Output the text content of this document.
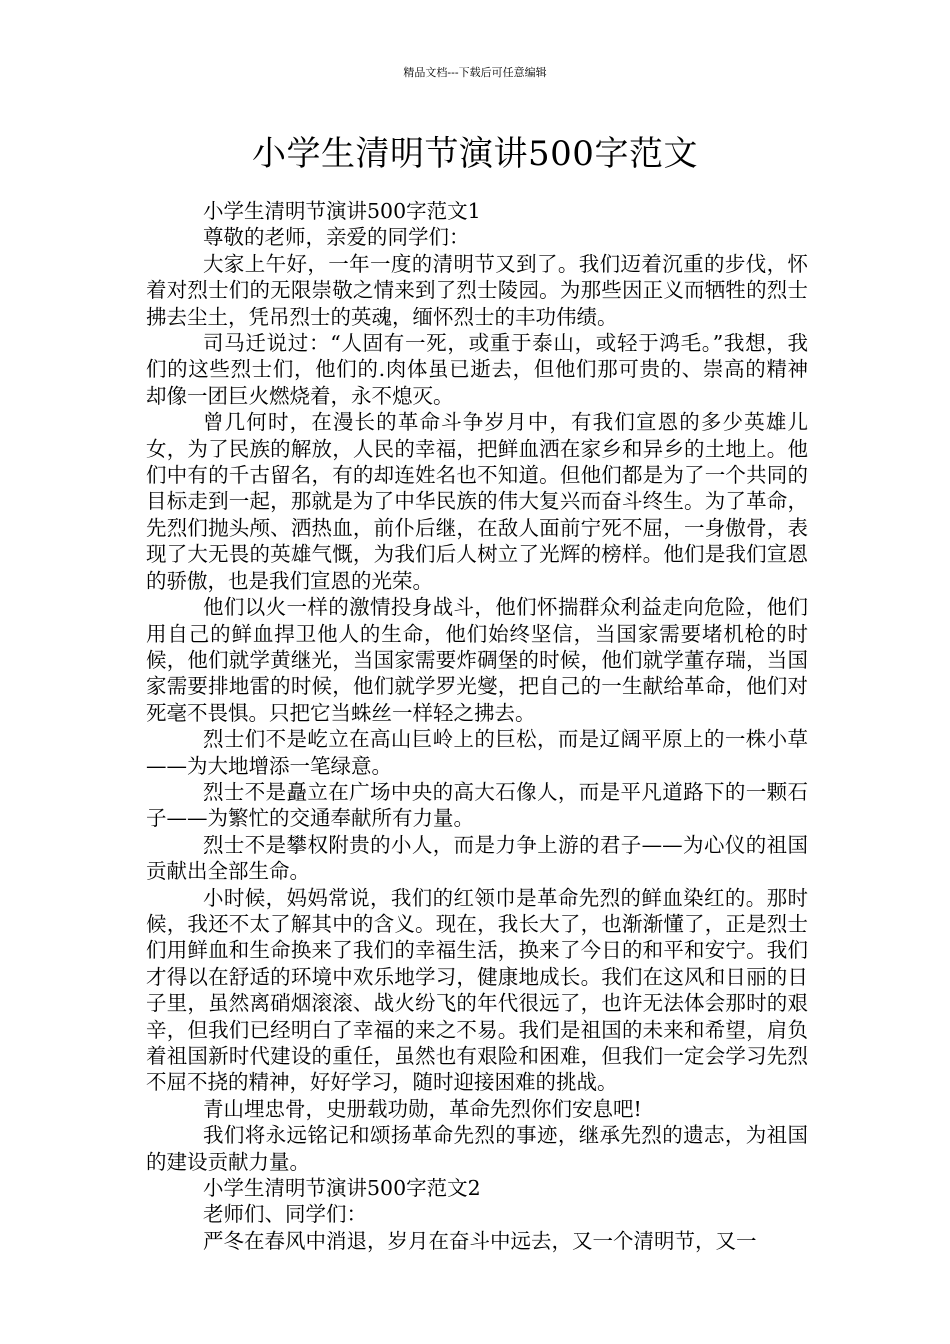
精品文档---下载后可任意编辑
小学生清明节演讲500字范文

小学生清明节演讲500字范文1

尊敬的老师，亲爱的同学们：

大家上午好，一年一度的清明节又到了。我们迈着沉重的步伐，怀着对烈士们的无限崇敬之情来到了烈士陵园。为那些因正义而牺牲的烈士拂去尘土，凭吊烈士的英魂，缅怀烈士的丰功伟绩。

司马迁说过：“人固有一死，或重于泰山，或轻于鸿毛。”我想，我们的这些烈士们，他们的.肉体虽已逝去，但他们那可贵的、崇高的精神却像一团巨火燃烧着，永不熄灭。

曾几何时，在漫长的革命斗争岁月中，有我们宣恩的多少英雄儿女，为了民族的解放，人民的幸福，把鲜血洒在家乡和异乡的土地上。他们中有的千古留名，有的却连姓名也不知道。但他们都是为了一个共同的目标走到一起，那就是为了中华民族的伟大复兴而奋斗终生。为了革命，先烈们抛头颅、洒热血，前仆后继，在敌人面前宁死不屈，一身傲骨，表现了大无畏的英雄气慨，为我们后人树立了光辉的榜样。他们是我们宣恩的骄傲，也是我们宣恩的光荣。

他们以火一样的激情投身战斗，他们怀揣群众利益走向危险，他们用自己的鲜血捍卫他人的生命，他们始终坚信，当国家需要堵机枪的时候，他们就学黄继光，当国家需要炸碉堡的时候，他们就学董存瑞，当国家需要排地雷的时候，他们就学罗光燮，把自己的一生献给革命，他们对死毫不畏惧。只把它当蛛丝一样轻之拂去。

烈士们不是屹立在高山巨岭上的巨松，而是辽阔平原上的一株小草——为大地增添一笔绿意。

烈士不是矗立在广场中央的高大石像人，而是平凡道路下的一颗石子——为繁忙的交通奉献所有力量。

烈士不是攀权附贵的小人，而是力争上游的君子——为心仪的祖国贡献出全部生命。

小时候，妈妈常说，我们的红领巾是革命先烈的鲜血染红的。那时候，我还不太了解其中的含义。现在，我长大了，也渐渐懂了，正是烈士们用鲜血和生命换来了我们的幸福生活，换来了今日的和平和安宁。我们才得以在舒适的环境中欢乐地学习，健康地成长。我们在这风和日丽的日子里，虽然离硝烟滚滚、战火纷飞的年代很远了，也许无法体会那时的艰辛，但我们已经明白了幸福的来之不易。我们是祖国的未来和希望，肩负着祖国新时代建设的重任，虽然也有艰险和困难，但我们一定会学习先烈不屈不挠的精神，好好学习，随时迎接困难的挑战。

青山埋忠骨，史册载功勋，革命先烈你们安息吧!

我们将永远铭记和颂扬革命先烈的事迹，继承先烈的遗志，为祖国的建设贡献力量。

小学生清明节演讲500字范文2

老师们、同学们：

严冬在春风中消退，岁月在奋斗中远去，又一个清明节，又一
